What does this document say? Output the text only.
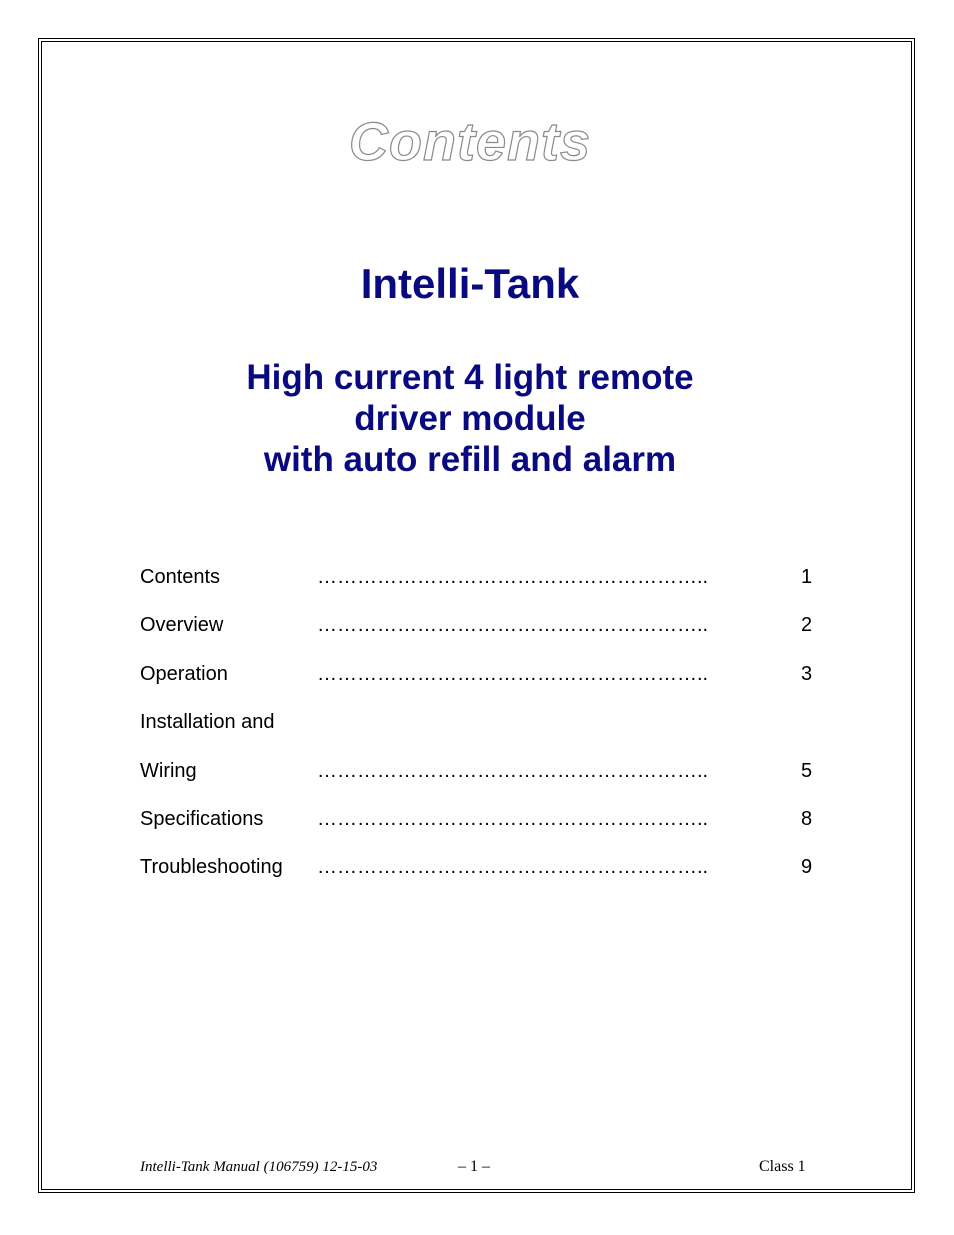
Contents
Intelli-Tank
High current 4 light remote
driver module
with auto refill and alarm
Contents	…………………………………………………..	1
Overview	…………………………………………………..	2
Operation	…………………………………………………..	3
Installation and
Wiring	…………………………………………………..	5
Specifications	…………………………………………………..	8
Troubleshooting …………………………………………………..	9
Intelli-Tank Manual (106759) 12-15-03	– 1 –	Class 1
